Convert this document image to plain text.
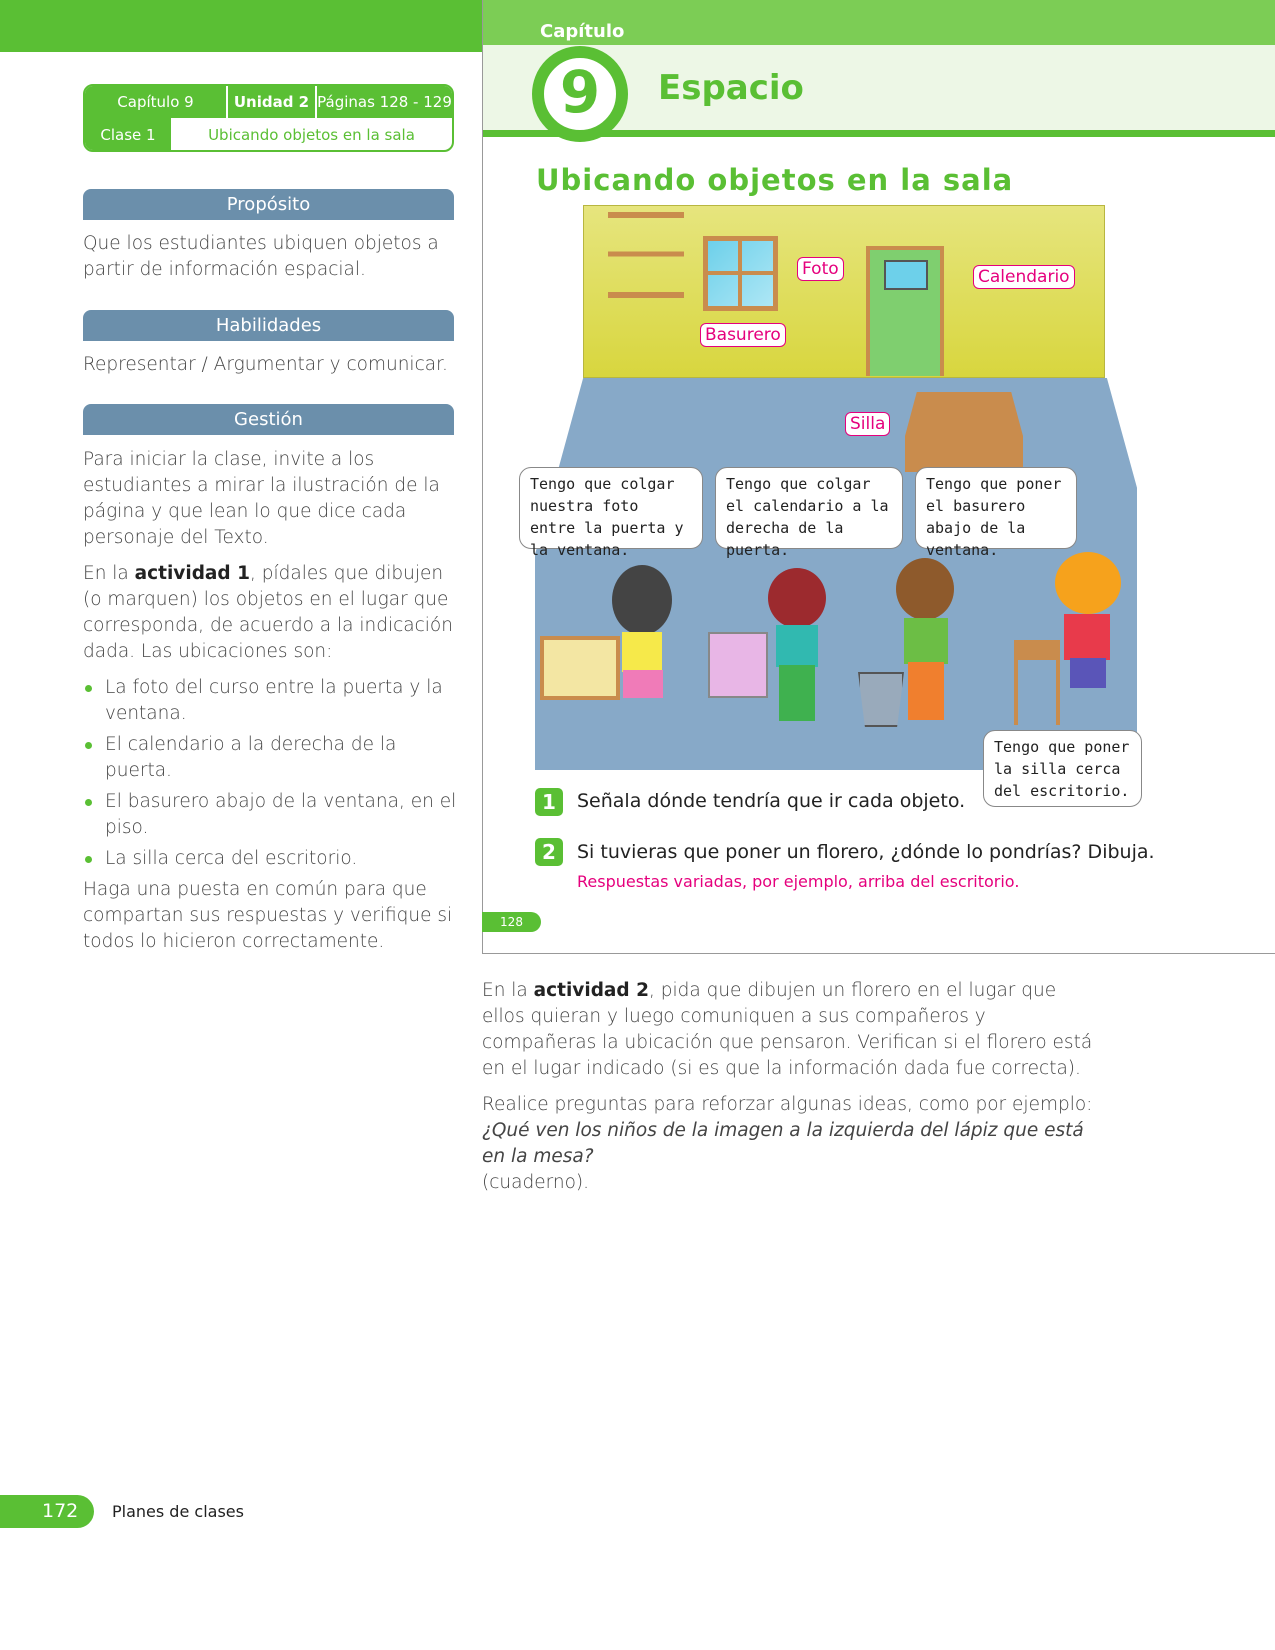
Capítulo 9	Unidad 2 Páginas 128 - 129
Clase 1	Ubicando objetos en la sala
Propósito
Que los estudiantes ubiquen objetos a partir de información espacial.
Habilidades
Representar / Argumentar y comunicar.
Gestión

Para iniciar la clase, invite a los estudiantes a mirar la ilustración de la página y que lean lo que dice cada personaje del Texto.

En la actividad 1, pídales que dibujen (o marquen) los objetos en el lugar que corresponda, de acuerdo a la indicación dada. Las ubicaciones son:

La foto del curso entre la puerta y la ventana.
El calendario a la derecha de la puerta.
El basurero abajo de la ventana, en el piso.
La silla cerca del escritorio.

Haga una puesta en común para que compartan sus respuestas y verifique si todos lo hicieron correctamente.

Capítulo
9	Espacio
Ubicando objetos en la sala
Foto	Calendario
Basurero
Silla
Tengo que colgar nuestra foto entre la puerta y la ventana.
Tengo que colgar el calendario a la derecha de la puerta.
Tengo que poner el basurero abajo de la ventana.
Tengo que poner la silla cerca del escritorio.
1	Señala dónde tendría que ir cada objeto.
2	Si tuvieras que poner un florero, ¿dónde lo pondrías? Dibuja.
Respuestas variadas, por ejemplo, arriba del escritorio.
128

En la actividad 2, pida que dibujen un florero en el lugar que ellos quieran y luego comuniquen a sus compañeros y compañeras la ubicación que pensaron. Verifican si el florero está en el lugar indicado (si es que la información dada fue correcta).

Realice preguntas para reforzar algunas ideas, como por ejemplo:
¿Qué ven los niños de la imagen a la izquierda del lápiz que está en la mesa?
(cuaderno).

172	Planes de clases
